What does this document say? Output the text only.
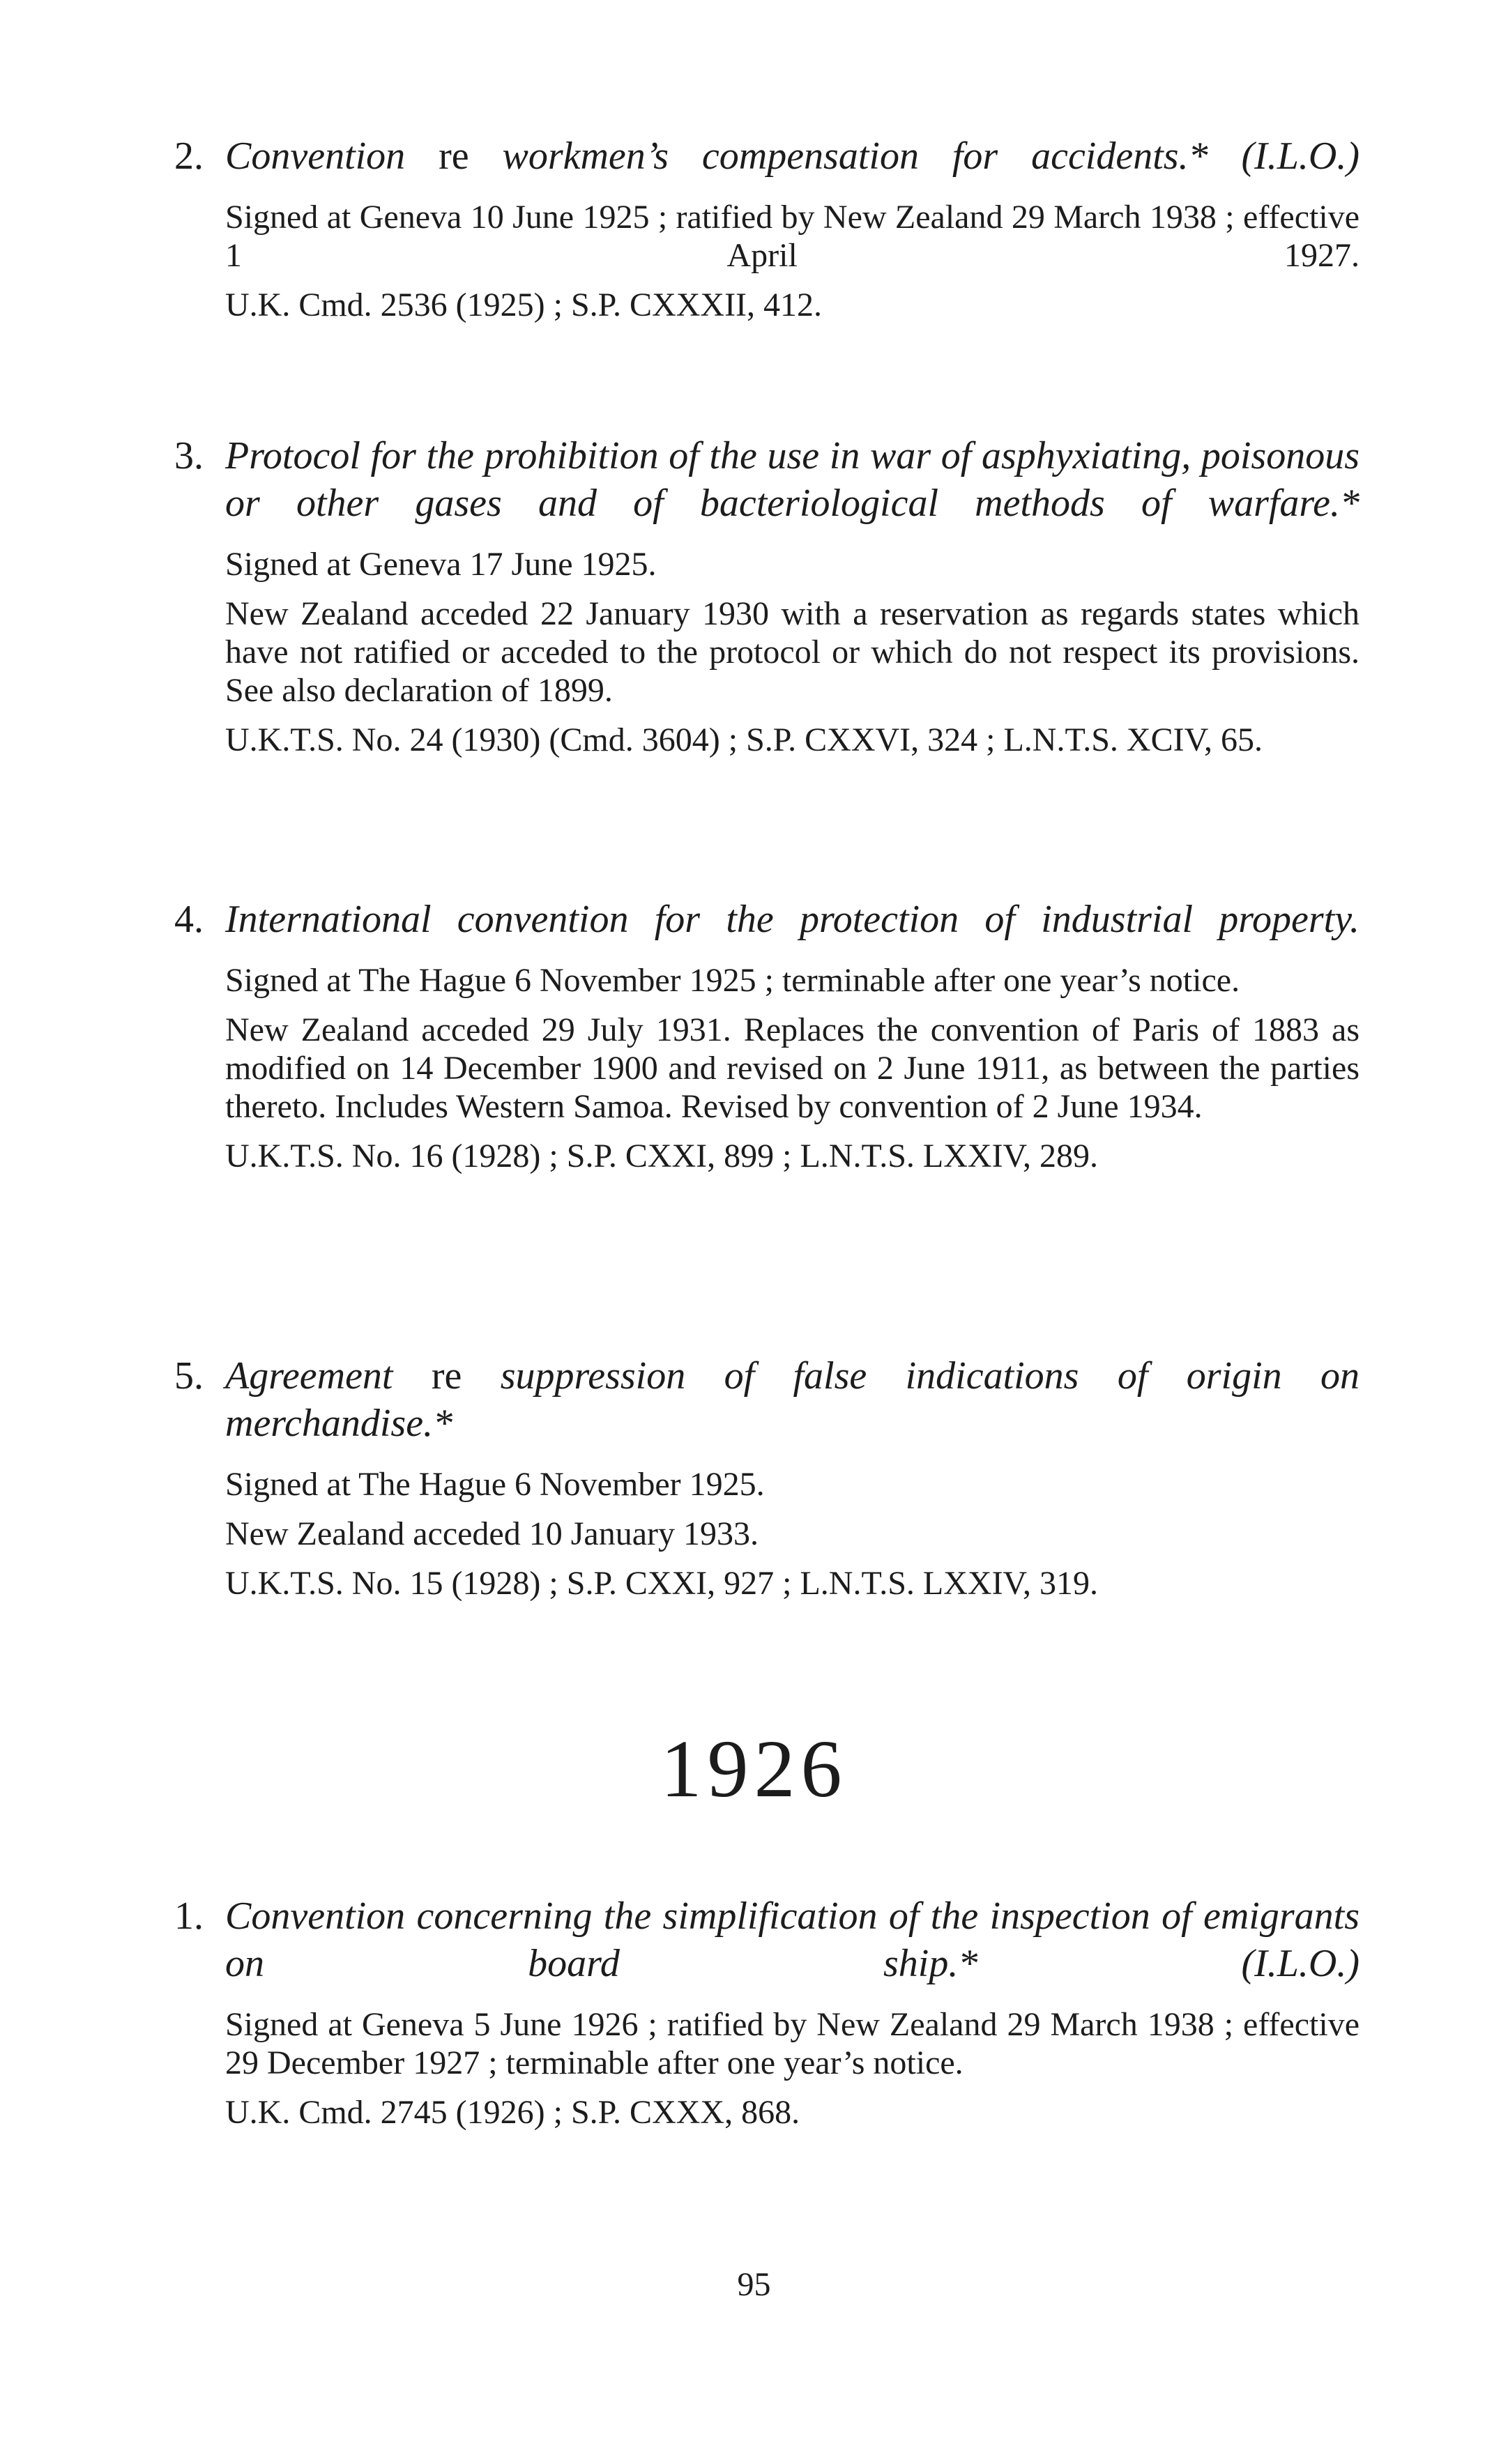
2. Convention re workmen’s compensation for accidents.* (I.L.O.)
Signed at Geneva 10 June 1925 ; ratified by New Zealand 29 March 1938 ; effective 1 April 1927.
U.K. Cmd. 2536 (1925) ; S.P. CXXXII, 412.
3. Protocol for the prohibition of the use in war of asphyxiating, poisonous or other gases and of bacteriological methods of warfare.*
Signed at Geneva 17 June 1925.
New Zealand acceded 22 January 1930 with a reservation as regards states which have not ratified or acceded to the protocol or which do not respect its provisions. See also declaration of 1899.
U.K.T.S. No. 24 (1930) (Cmd. 3604) ; S.P. CXXVI, 324 ; L.N.T.S. XCIV, 65.
4. International convention for the protection of industrial property.
Signed at The Hague 6 November 1925 ; terminable after one year’s notice.
New Zealand acceded 29 July 1931. Replaces the convention of Paris of 1883 as modified on 14 December 1900 and revised on 2 June 1911, as between the parties thereto. Includes Western Samoa. Revised by convention of 2 June 1934.
U.K.T.S. No. 16 (1928) ; S.P. CXXI, 899 ; L.N.T.S. LXXIV, 289.
5. Agreement re suppression of false indications of origin on merchandise.*
Signed at The Hague 6 November 1925.
New Zealand acceded 10 January 1933.
U.K.T.S. No. 15 (1928) ; S.P. CXXI, 927 ; L.N.T.S. LXXIV, 319.
1926
1. Convention concerning the simplification of the inspection of emigrants on board ship.* (I.L.O.)
Signed at Geneva 5 June 1926 ; ratified by New Zealand 29 March 1938 ; effective 29 December 1927 ; terminable after one year’s notice.
U.K. Cmd. 2745 (1926) ; S.P. CXXX, 868.
95
